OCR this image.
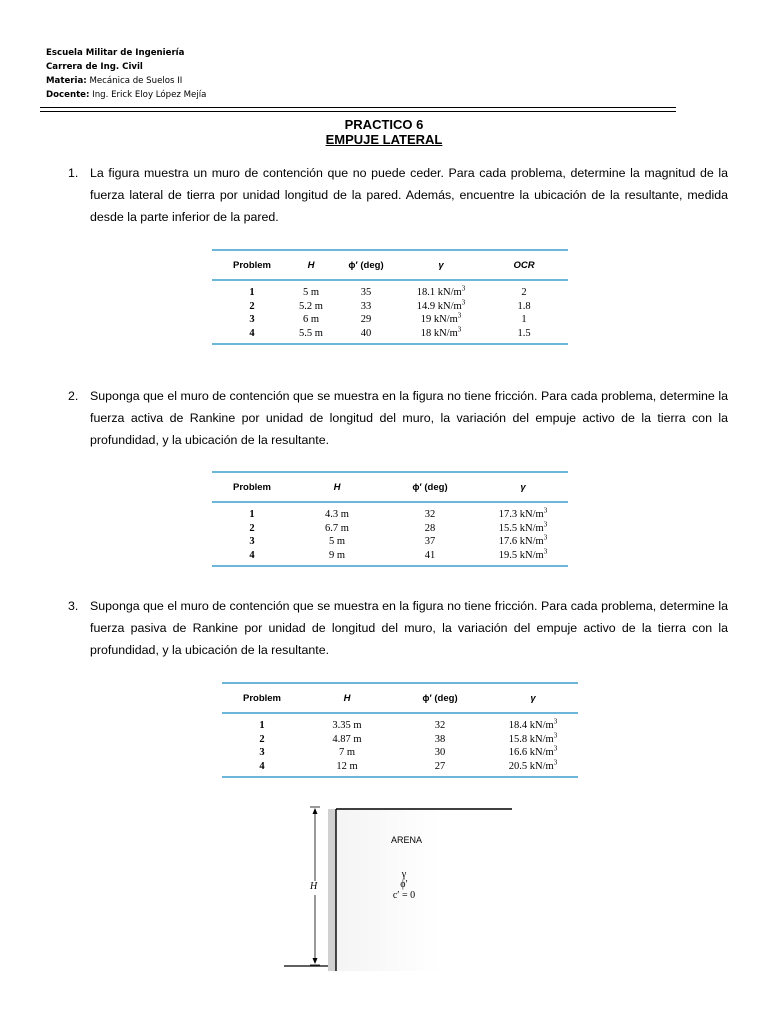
Escuela Militar de Ingeniería
Carrera de Ing. Civil
Materia: Mecánica de Suelos II
Docente: Ing. Erick Eloy López Mejía
PRACTICO 6
EMPUJE LATERAL
1. La figura muestra un muro de contención que no puede ceder. Para cada problema, determine la magnitud de la fuerza lateral de tierra por unidad longitud de la pared. Además, encuentre la ubicación de la resultante, medida desde la parte inferior de la pared.
Problem	H	ϕ′ (deg)	γ	OCR
1	5 m	35	18.1 $kN/m^3$	2
2	5.2 m	33	14.9 $kN/m^3$	1.8
3	6 m	29	19 $kN/m^3$	1
4	5.5 m	40	18 $kN/m^3$	1.5
2. Suponga que el muro de contención que se muestra en la figura no tiene fricción. Para cada problema, determine la fuerza activa de Rankine por unidad de longitud del muro, la variación del empuje activo de la tierra con la profundidad, y la ubicación de la resultante.
Problem	H	ϕ′ (deg)	γ
1	4.3 m	32	17.3 $kN/m^3$
2	6.7 m	28	15.5 $kN/m^3$
3	5 m	37	17.6 $kN/m^3$
4	9 m	41	19.5 $kN/m^3$
3. Suponga que el muro de contención que se muestra en la figura no tiene fricción. Para cada problema, determine la fuerza pasiva de Rankine por unidad de longitud del muro, la variación del empuje activo de la tierra con la profundidad, y la ubicación de la resultante.
Problem	H	ϕ′ (deg)	γ
1	3.35 m	32	18.4 $kN/m^3$
2	4.87 m	38	15.8 $kN/m^3$
3	7 m	30	16.6 $kN/m^3$
4	12 m	27	20.5 $kN/m^3$
H
ARENA
γ
ϕ′
c′ = 0
